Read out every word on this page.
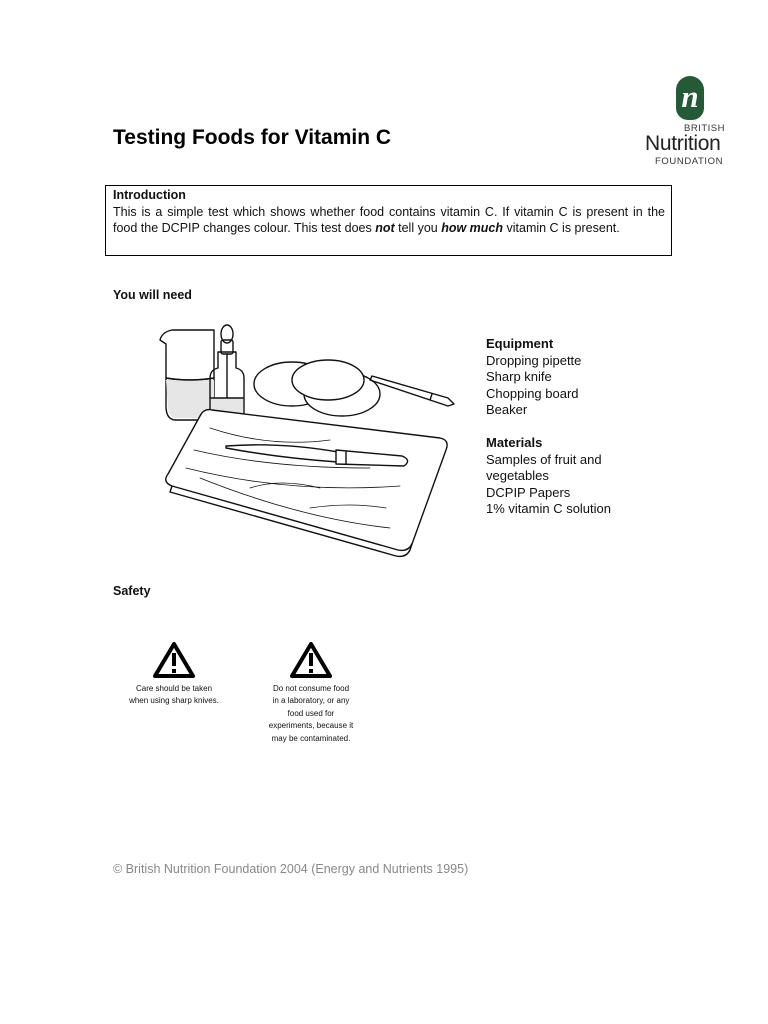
Testing Foods for Vitamin C
n
BRITISH
Nutrition
FOUNDATION
Introduction
This is a simple test which shows whether food contains vitamin C. If vitamin C is present in the food the DCPIP changes colour. This test does not tell you how much vitamin C is present.
You will need
Equipment
Dropping pipette
Sharp knife
Chopping board
Beaker
Materials
Samples of fruit and
vegetables
DCPIP Papers
1% vitamin C solution
Safety
Care should be taken
when using sharp knives.
Do not consume food
in a laboratory, or any
food used for
experiments, because it
may be contaminated.
© British Nutrition Foundation 2004 (Energy and Nutrients 1995)
